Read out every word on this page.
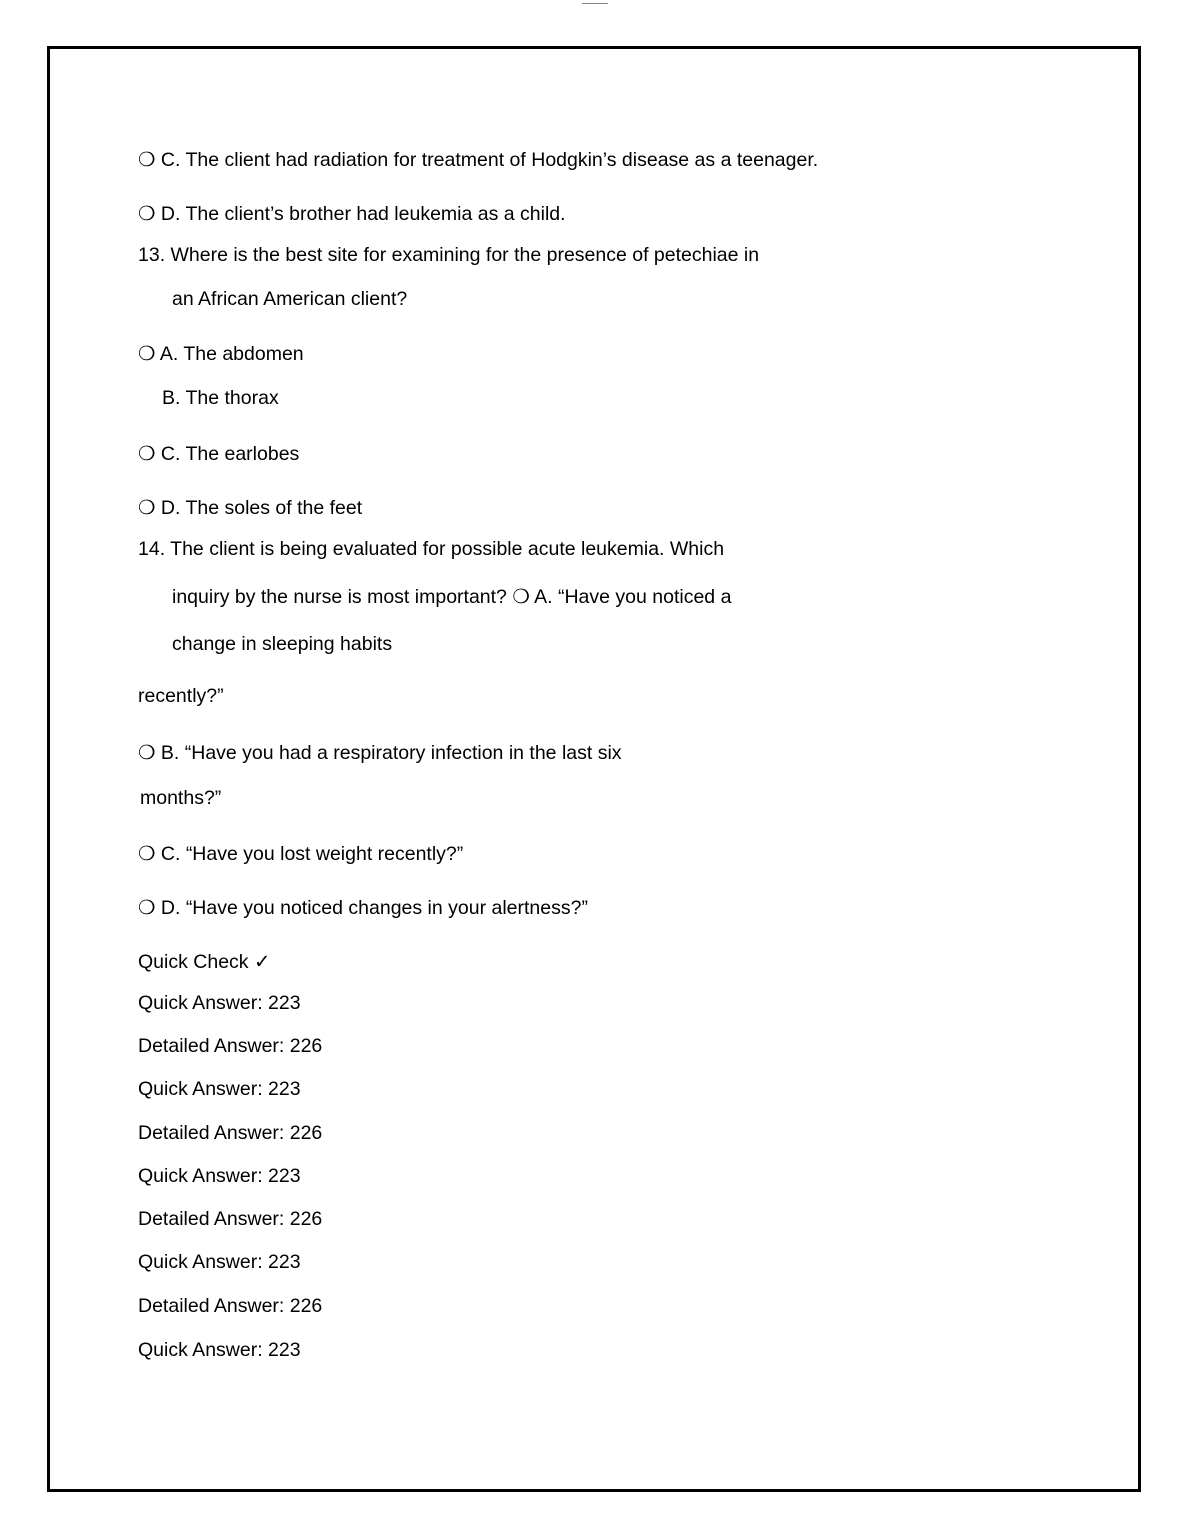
❍ C. The client had radiation for treatment of Hodgkin’s disease as a teenager.
❍ D. The client’s brother had leukemia as a child.
13. Where is the best site for examining for the presence of petechiae in
an African American client?
❍ A. The abdomen
B. The thorax
❍ C. The earlobes
❍ D. The soles of the feet
14. The client is being evaluated for possible acute leukemia. Which
inquiry by the nurse is most important? ❍ A. “Have you noticed a
change in sleeping habits
recently?”
❍ B. “Have you had a respiratory infection in the last six
months?”
❍ C. “Have you lost weight recently?”
❍ D. “Have you noticed changes in your alertness?”
Quick Check ✓
Quick Answer: 223
Detailed Answer: 226
Quick Answer: 223
Detailed Answer: 226
Quick Answer: 223
Detailed Answer: 226
Quick Answer: 223
Detailed Answer: 226
Quick Answer: 223
